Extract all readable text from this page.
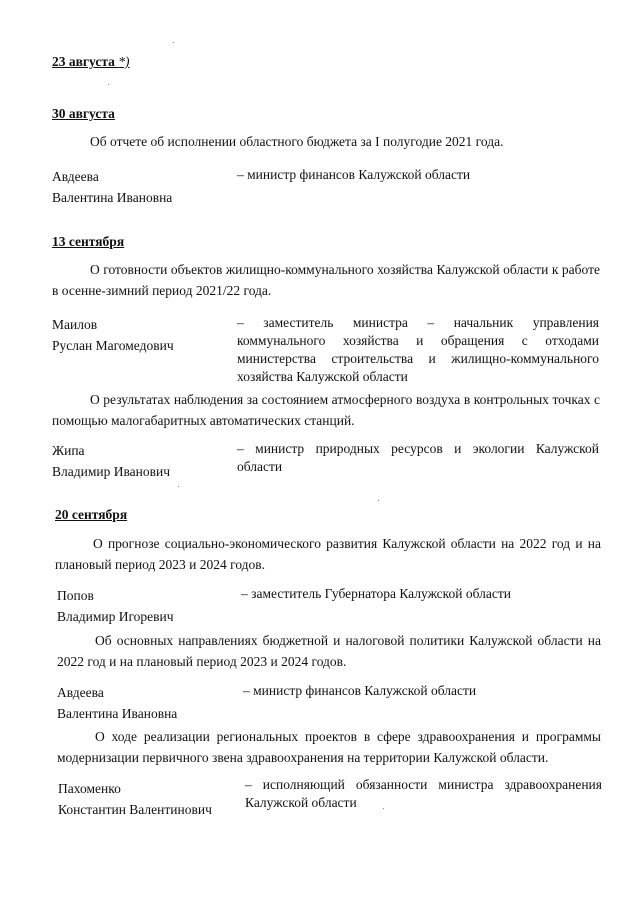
23 августа *)
30 августа
Об отчете об исполнении областного бюджета за I полугодие 2021 года.
Авдеева
Валентина Ивановна
– министр финансов Калужской области
13 сентября
О готовности объектов жилищно-коммунального хозяйства Калужской области к работе в осенне-зимний период 2021/22 года.
Маилов
Руслан Магомедович
– заместитель министра – начальник управления коммунального хозяйства и обращения с отходами министерства строительства и жилищно-коммунального хозяйства Калужской области
О результатах наблюдения за состоянием атмосферного воздуха в контрольных точках с помощью малогабаритных автоматических станций.
Жипа
Владимир Иванович
– министр природных ресурсов и экологии Калужской области
20 сентября
О прогнозе социально-экономического развития Калужской области на 2022 год и на плановый период 2023 и 2024 годов.
Попов
Владимир Игоревич
– заместитель Губернатора Калужской области
Об основных направлениях бюджетной и налоговой политики Калужской области на 2022 год и на плановый период 2023 и 2024 годов.
Авдеева
Валентина Ивановна
– министр финансов Калужской области
О ходе реализации региональных проектов в сфере здравоохранения и программы модернизации первичного звена здравоохранения на территории Калужской области.
Пахоменко
Константин Валентинович
– исполняющий обязанности министра здравоохранения Калужской области
